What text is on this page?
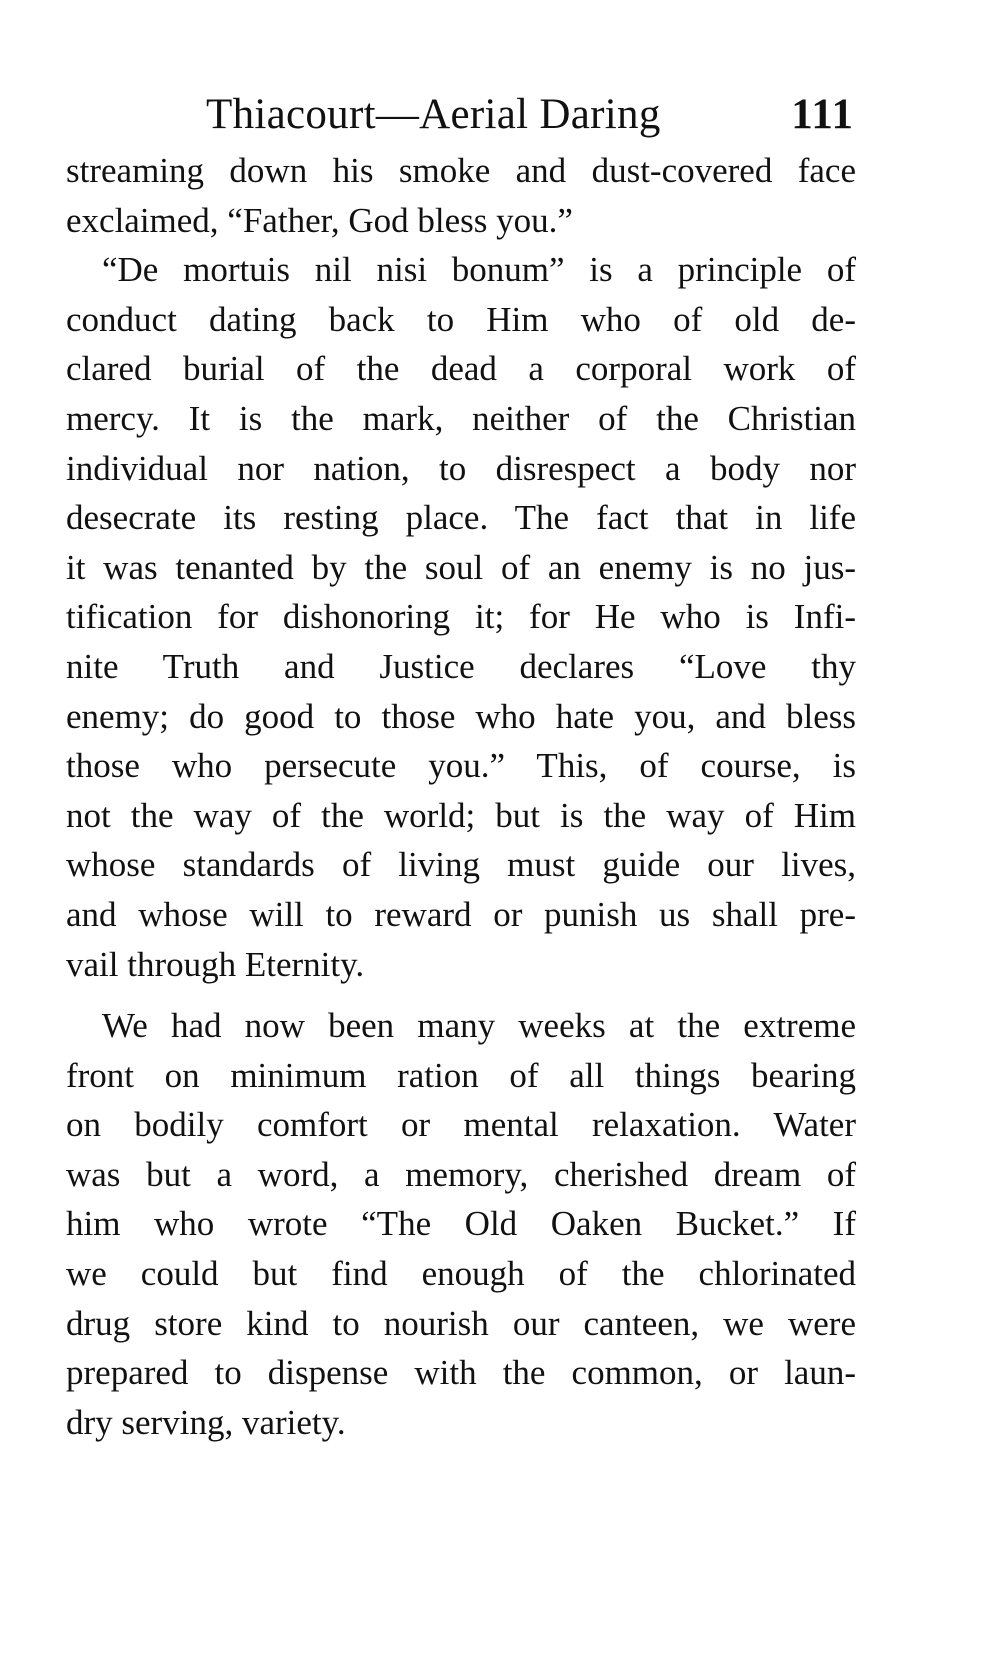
Thiacourt—Aerial Daring	111
streaming down his smoke and dust-covered face
exclaimed, “Father, God bless you.”
“De mortuis nil nisi bonum” is a principle of
conduct dating back to Him who of old de-
clared burial of the dead a corporal work of
mercy. It is the mark, neither of the Christian
individual nor nation, to disrespect a body nor
desecrate its resting place. The fact that in life
it was tenanted by the soul of an enemy is no jus-
tification for dishonoring it; for He who is Infi-
nite Truth and Justice declares “Love thy
enemy; do good to those who hate you, and bless
those who persecute you.” This, of course, is
not the way of the world; but is the way of Him
whose standards of living must guide our lives,
and whose will to reward or punish us shall pre-
vail through Eternity.
We had now been many weeks at the extreme
front on minimum ration of all things bearing
on bodily comfort or mental relaxation. Water
was but a word, a memory, cherished dream of
him who wrote “The Old Oaken Bucket.” If
we could but find enough of the chlorinated
drug store kind to nourish our canteen, we were
prepared to dispense with the common, or laun-
dry serving, variety.
